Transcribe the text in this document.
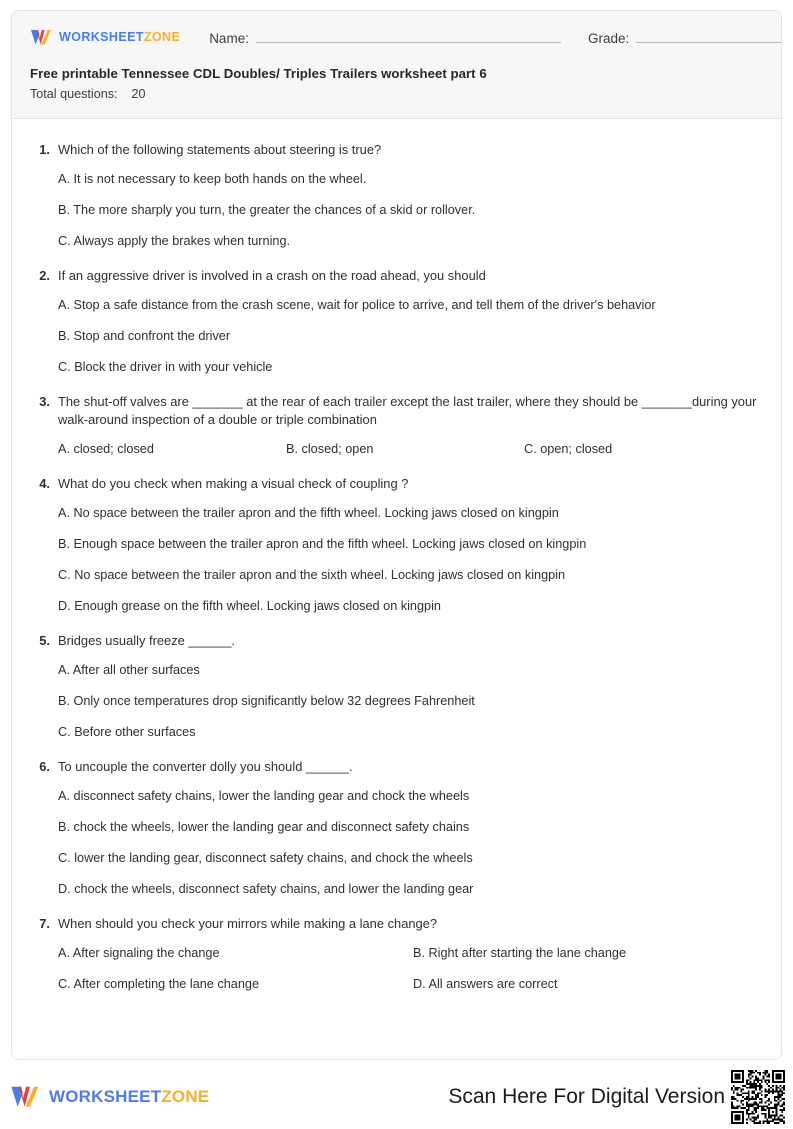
WORKSHEETZONE Name:	Grade:
Free printable Tennessee CDL Doubles/ Triples Trailers worksheet part 6
Total questions: 20
1. Which of the following statements about steering is true?
A. It is not necessary to keep both hands on the wheel.
B. The more sharply you turn, the greater the chances of a skid or rollover.
C. Always apply the brakes when turning.
2. If an aggressive driver is involved in a crash on the road ahead, you should
A. Stop a safe distance from the crash scene, wait for police to arrive, and tell them of the driver's behavior
B. Stop and confront the driver
C. Block the driver in with your vehicle
3. The shut-off valves are _______ at the rear of each trailer except the last trailer, where they should be _______during your walk-around inspection of a double or triple combination
A. closed; closed	B. closed; open	C. open; closed
4. What do you check when making a visual check of coupling ?
A. No space between the trailer apron and the fifth wheel. Locking jaws closed on kingpin
B. Enough space between the trailer apron and the fifth wheel. Locking jaws closed on kingpin
C. No space between the trailer apron and the sixth wheel. Locking jaws closed on kingpin
D. Enough grease on the fifth wheel. Locking jaws closed on kingpin
5. Bridges usually freeze ______.
A. After all other surfaces
B. Only once temperatures drop significantly below 32 degrees Fahrenheit
C. Before other surfaces
6. To uncouple the converter dolly you should ______.
A. disconnect safety chains, lower the landing gear and chock the wheels
B. chock the wheels, lower the landing gear and disconnect safety chains
C. lower the landing gear, disconnect safety chains, and chock the wheels
D. chock the wheels, disconnect safety chains, and lower the landing gear
7. When should you check your mirrors while making a lane change?
A. After signaling the change	B. Right after starting the lane change
C. After completing the lane change	D. All answers are correct
WORKSHEETZONE	Scan Here For Digital Version
